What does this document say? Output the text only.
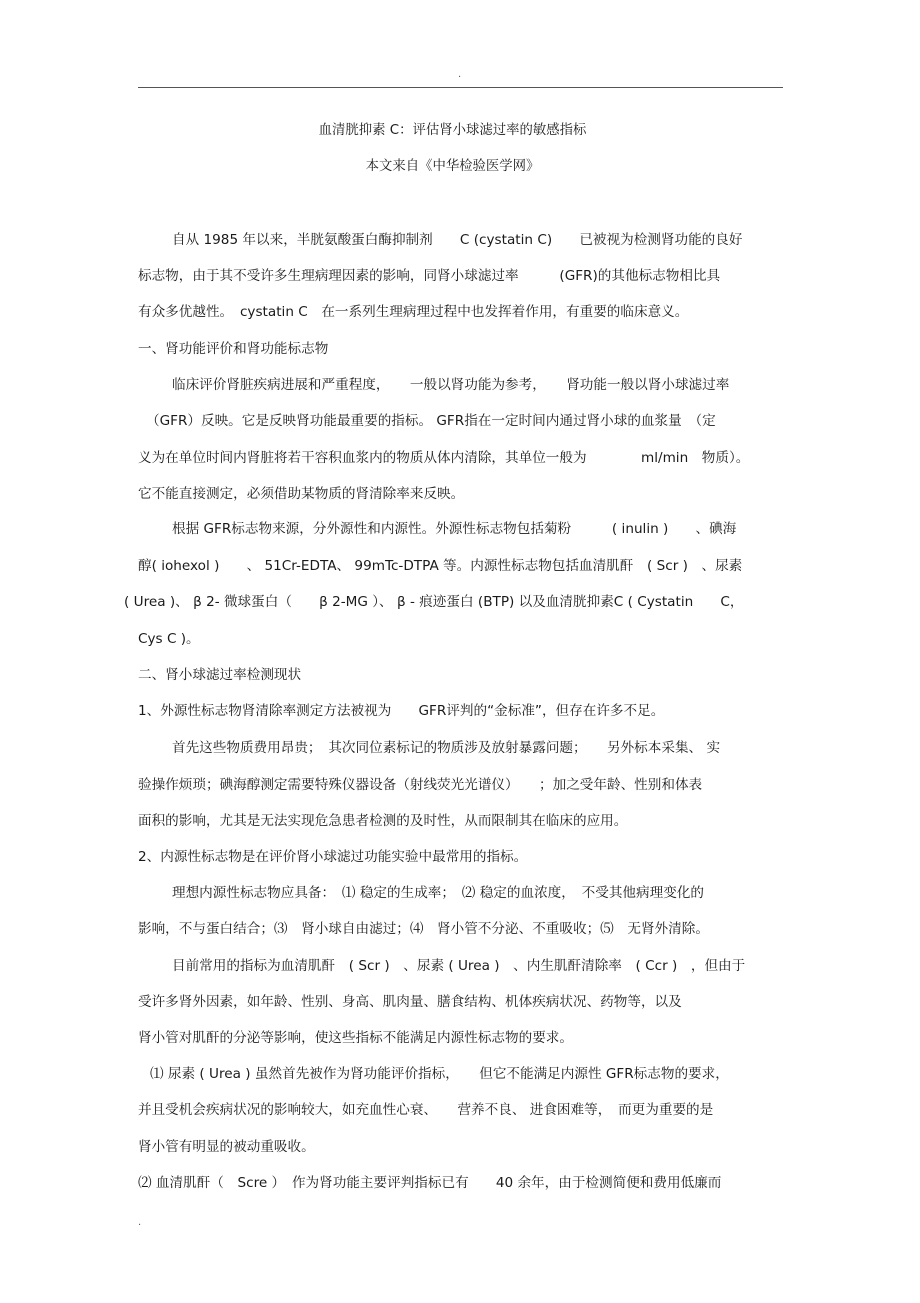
.
血清胱抑素 C：评估肾小球滤过率的敏感指标
本文来自《中华检验医学网》
自从 1985 年以来，半胱氨酸蛋白酶抑制剂　　C (cystatin C)　　已被视为检测肾功能的良好
标志物，由于其不受许多生理病理因素的影响，同肾小球滤过率　　　(GFR)的其他标志物相比具
有众多优越性。　cystatin C　在一系列生理病理过程中也发挥着作用，有重要的临床意义。
一、肾功能评价和肾功能标志物
临床评价肾脏疾病进展和严重程度，　　一般以肾功能为参考，　　肾功能一般以肾小球滤过率
（GFR）反映。它是反映肾功能最重要的指标。 GFR指在一定时间内通过肾小球的血浆量　（定
义为在单位时间内肾脏将若干容积血浆内的物质从体内清除，其单位一般为　　　　ml/min　物质）。
它不能直接测定，必须借助某物质的肾清除率来反映。
根据 GFR标志物来源，分外源性和内源性。外源性标志物包括菊粉　　　( inulin )　　、碘海
醇( iohexol )　　、 51Cr-EDTA、 99mTc-DTPA 等。内源性标志物包括血清肌酐　( Scr )　、尿素
( Urea )、 β 2- 微球蛋白（　　β 2-MG ）、 β - 痕迹蛋白 (BTP) 以及血清胱抑素C ( Cystatin　　C，
Cys C )。
二、肾小球滤过率检测现状
1、外源性标志物肾清除率测定方法被视为　　GFR评判的“金标准”，但存在许多不足。
首先这些物质费用昂贵；　其次同位素标记的物质涉及放射暴露问题；　　另外标本采集、 实
验操作烦琐；碘海醇测定需要特殊仪器设备（射线荧光光谱仪）　　；加之受年龄、性别和体表
面积的影响，尤其是无法实现危急患者检测的及时性，从而限制其在临床的应用。
2、内源性标志物是在评价肾小球滤过功能实验中最常用的指标。
理想内源性标志物应具备：　⑴ 稳定的生成率；　⑵ 稳定的血浓度，　不受其他病理变化的
影响，不与蛋白结合；⑶　肾小球自由滤过；⑷　肾小管不分泌、不重吸收；⑸　无肾外清除。
目前常用的指标为血清肌酐　( Scr )　、尿素 ( Urea )　、内生肌酐清除率　( Ccr )　，但由于
受许多肾外因素，如年龄、性别、身高、肌肉量、膳食结构、机体疾病状况、药物等，以及
肾小管对肌酐的分泌等影响，使这些指标不能满足内源性标志物的要求。
⑴ 尿素 ( Urea ) 虽然首先被作为肾功能评价指标，　　但它不能满足内源性 GFR标志物的要求，
并且受机会疾病状况的影响较大，如充血性心衰、　　营养不良、 进食困难等，　而更为重要的是
肾小管有明显的被动重吸收。
⑵ 血清肌酐（　Scre ）　作为肾功能主要评判指标已有　　40 余年，由于检测简便和费用低廉而
.
